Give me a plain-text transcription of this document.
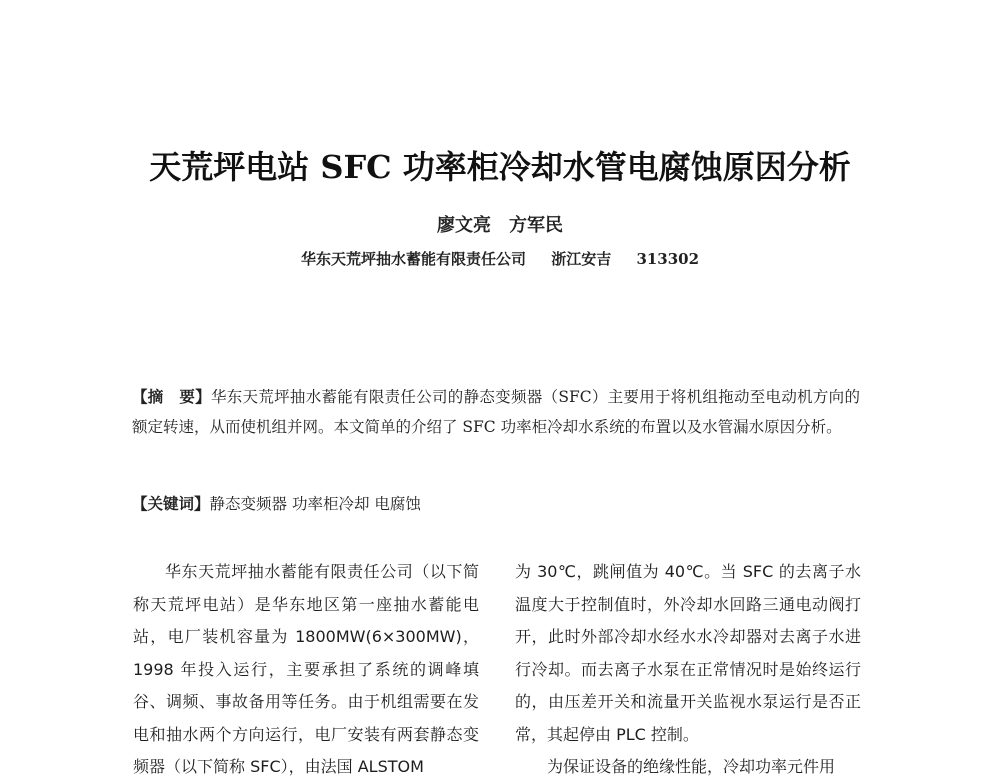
天荒坪电站 SFC 功率柜冷却水管电腐蚀原因分析
廖文亮　方军民
华东天荒坪抽水蓄能有限责任公司 浙江安吉 313302
【摘　要】华东天荒坪抽水蓄能有限责任公司的静态变频器（SFC）主要用于将机组拖动至电动机方向的额定转速，从而使机组并网。本文简单的介绍了 SFC 功率柜冷却水系统的布置以及水管漏水原因分析。
【关键词】静态变频器 功率柜冷却 电腐蚀

华东天荒坪抽水蓄能有限责任公司（以下简称天荒坪电站）是华东地区第一座抽水蓄能电站，电厂装机容量为 1800MW(6×300MW)，1998 年投入运行，主要承担了系统的调峰填谷、调频、事故备用等任务。由于机组需要在发电和抽水两个方向运行，电厂安装有两套静态变频器（以下简称 SFC），由法国 ALSTOM

为 30℃，跳闸值为 40℃。当 SFC 的去离子水温度大于控制值时，外冷却水回路三通电动阀打开，此时外部冷却水经水水冷却器对去离子水进行冷却。而去离子水泵在正常情况时是始终运行的，由压差开关和流量开关监视水泵运行是否正常，其起停由 PLC 控制。

为保证设备的绝缘性能，冷却功率元件用
